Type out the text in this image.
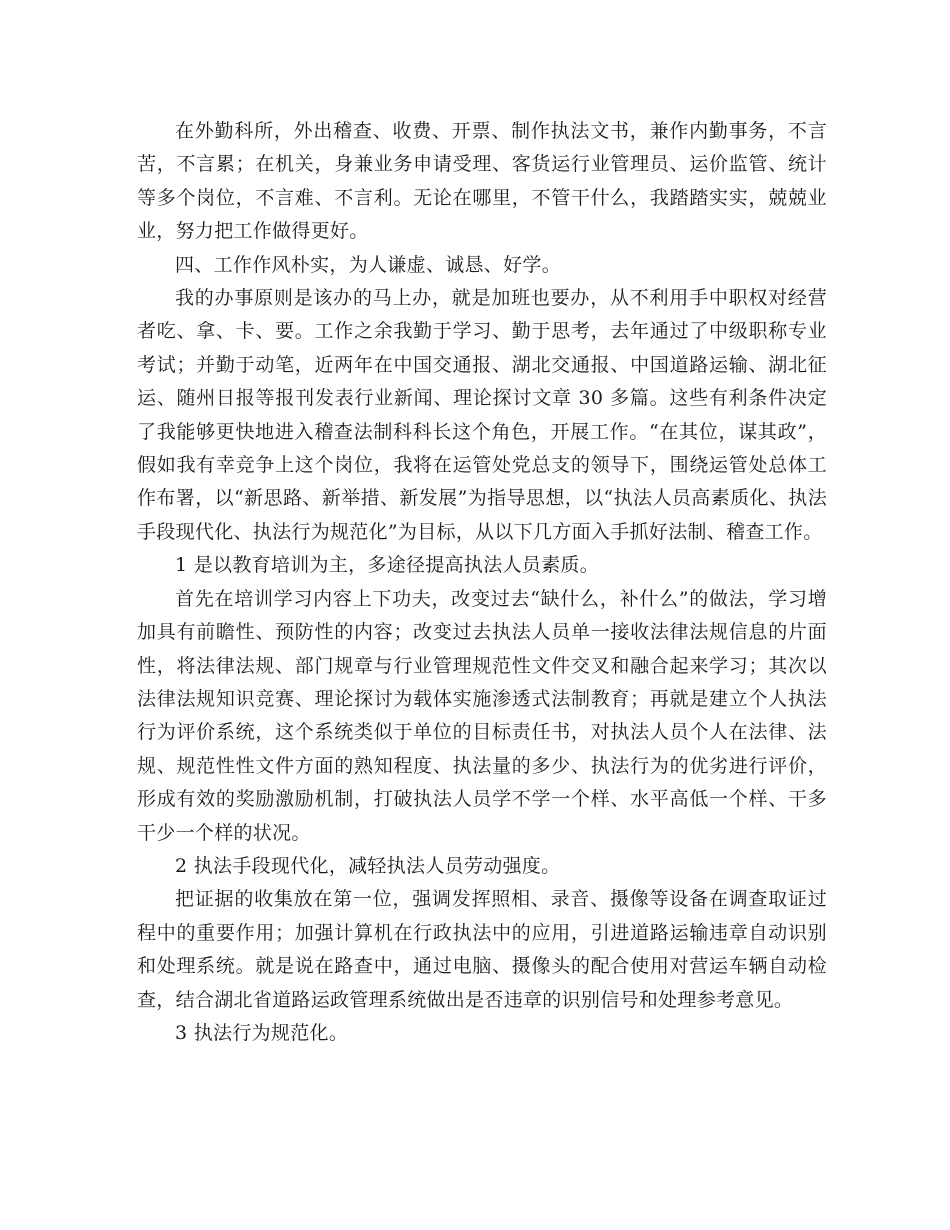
在外勤科所，外出稽查、收费、开票、制作执法文书，兼作内勤事务，不言苦，不言累；在机关，身兼业务申请受理、客货运行业管理员、运价监管、统计等多个岗位，不言难、不言利。无论在哪里，不管干什么，我踏踏实实，兢兢业业，努力把工作做得更好。

四、工作作风朴实，为人谦虚、诚恳、好学。

我的办事原则是该办的马上办，就是加班也要办，从不利用手中职权对经营者吃、拿、卡、要。工作之余我勤于学习、勤于思考，去年通过了中级职称专业考试；并勤于动笔，近两年在中国交通报、湖北交通报、中国道路运输、湖北征运、随州日报等报刊发表行业新闻、理论探讨文章 30 多篇。这些有利条件决定了我能够更快地进入稽查法制科科长这个角色，开展工作。“在其位，谋其政”，假如我有幸竞争上这个岗位，我将在运管处党总支的领导下，围绕运管处总体工作布署，以“新思路、新举措、新发展”为指导思想，以“执法人员高素质化、执法手段现代化、执法行为规范化”为目标，从以下几方面入手抓好法制、稽查工作。

1 是以教育培训为主，多途径提高执法人员素质。

首先在培训学习内容上下功夫，改变过去“缺什么，补什么”的做法，学习增加具有前瞻性、预防性的内容；改变过去执法人员单一接收法律法规信息的片面性，将法律法规、部门规章与行业管理规范性文件交叉和融合起来学习；其次以法律法规知识竞赛、理论探讨为载体实施渗透式法制教育；再就是建立个人执法行为评价系统，这个系统类似于单位的目标责任书，对执法人员个人在法律、法规、规范性性文件方面的熟知程度、执法量的多少、执法行为的优劣进行评价，形成有效的奖励激励机制，打破执法人员学不学一个样、水平高低一个样、干多干少一个样的状况。

2 执法手段现代化，减轻执法人员劳动强度。

把证据的收集放在第一位，强调发挥照相、录音、摄像等设备在调查取证过程中的重要作用；加强计算机在行政执法中的应用，引进道路运输违章自动识别和处理系统。就是说在路查中，通过电脑、摄像头的配合使用对营运车辆自动检查，结合湖北省道路运政管理系统做出是否违章的识别信号和处理参考意见。

3 执法行为规范化。
